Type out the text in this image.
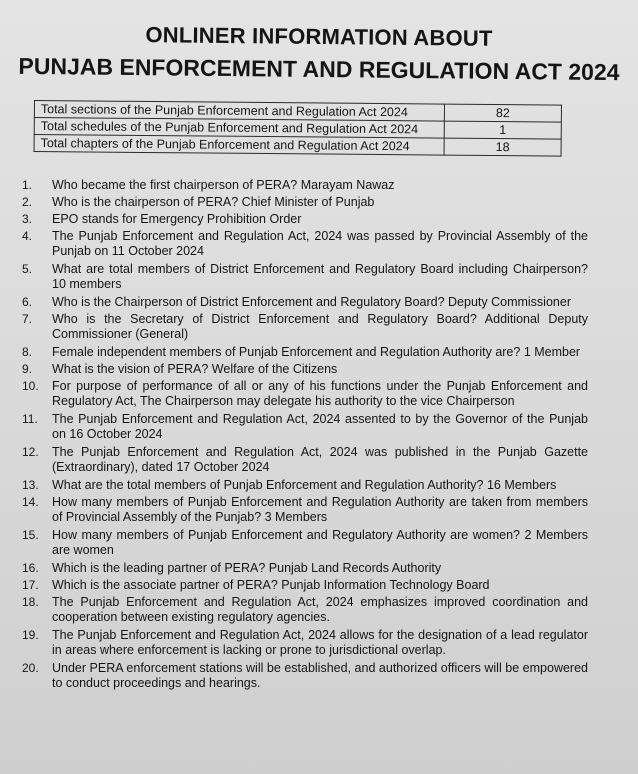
ONLINER INFORMATION ABOUT
PUNJAB ENFORCEMENT AND REGULATION ACT 2024
Total sections of the Punjab Enforcement and Regulation Act 2024	82
Total schedules of the Punjab Enforcement and Regulation Act 2024	1
Total chapters of the Punjab Enforcement and Regulation Act 2024	18
1.	Who became the first chairperson of PERA? Marayam Nawaz
2.	Who is the chairperson of PERA? Chief Minister of Punjab
3.	EPO stands for Emergency Prohibition Order
4.	The Punjab Enforcement and Regulation Act, 2024 was passed by Provincial Assembly of the Punjab on 11 October 2024
5.	What are total members of District Enforcement and Regulatory Board including Chairperson? 10 members
6.	Who is the Chairperson of District Enforcement and Regulatory Board? Deputy Commissioner
7.	Who is the Secretary of District Enforcement and Regulatory Board? Additional Deputy Commissioner (General)
8.	Female independent members of Punjab Enforcement and Regulation Authority are? 1 Member
9.	What is the vision of PERA? Welfare of the Citizens
10.	For purpose of performance of all or any of his functions under the Punjab Enforcement and Regulatory Act, The Chairperson may delegate his authority to the vice Chairperson
11.	The Punjab Enforcement and Regulation Act, 2024 assented to by the Governor of the Punjab on 16 October 2024
12.	The Punjab Enforcement and Regulation Act, 2024 was published in the Punjab Gazette (Extraordinary), dated 17 October 2024
13.	What are the total members of Punjab Enforcement and Regulation Authority? 16 Members
14.	How many members of Punjab Enforcement and Regulation Authority are taken from members of Provincial Assembly of the Punjab? 3 Members
15.	How many members of Punjab Enforcement and Regulatory Authority are women? 2 Members are women
16.	Which is the leading partner of PERA? Punjab Land Records Authority
17.	Which is the associate partner of PERA? Punjab Information Technology Board
18.	The Punjab Enforcement and Regulation Act, 2024 emphasizes improved coordination and cooperation between existing regulatory agencies.
19.	The Punjab Enforcement and Regulation Act, 2024 allows for the designation of a lead regulator in areas where enforcement is lacking or prone to jurisdictional overlap.
20.	Under PERA enforcement stations will be established, and authorized officers will be empowered to conduct proceedings and hearings.
